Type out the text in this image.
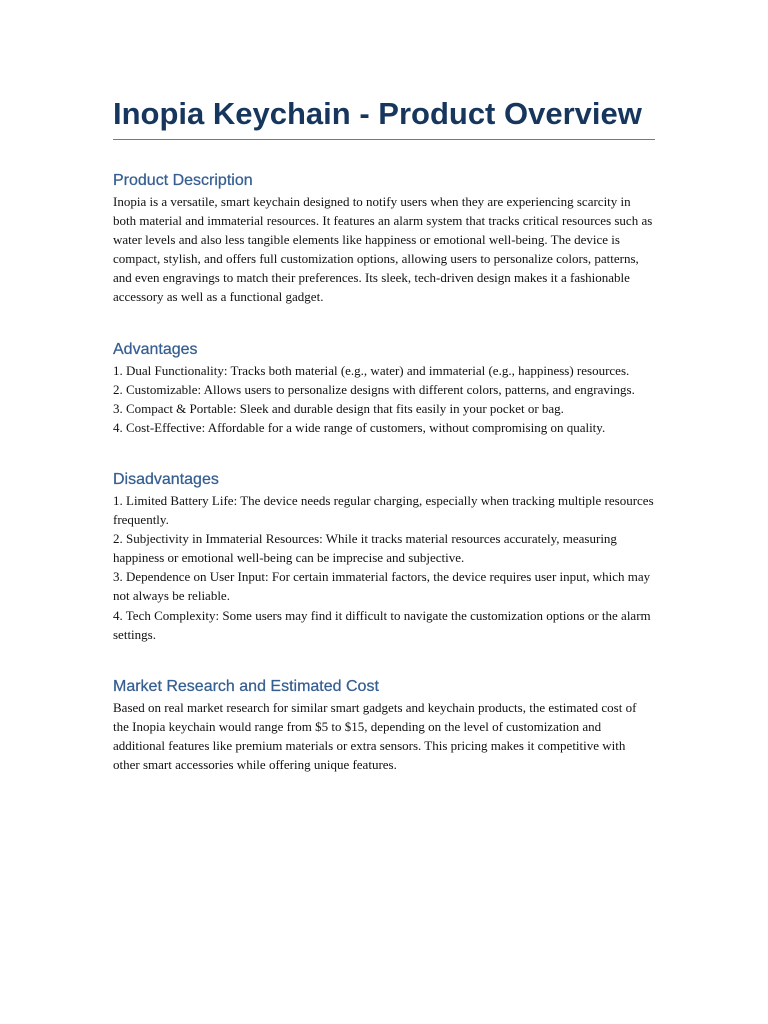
Inopia Keychain - Product Overview
Product Description

Inopia is a versatile, smart keychain designed to notify users when they are experiencing scarcity in both material and immaterial resources. It features an alarm system that tracks critical resources such as water levels and also less tangible elements like happiness or emotional well-being. The device is compact, stylish, and offers full customization options, allowing users to personalize colors, patterns, and even engravings to match their preferences. Its sleek, tech-driven design makes it a fashionable accessory as well as a functional gadget.

Advantages

1. Dual Functionality: Tracks both material (e.g., water) and immaterial (e.g., happiness) resources.

2. Customizable: Allows users to personalize designs with different colors, patterns, and engravings.

3. Compact & Portable: Sleek and durable design that fits easily in your pocket or bag.

4. Cost-Effective: Affordable for a wide range of customers, without compromising on quality.

Disadvantages

1. Limited Battery Life: The device needs regular charging, especially when tracking multiple resources frequently.

2. Subjectivity in Immaterial Resources: While it tracks material resources accurately, measuring happiness or emotional well-being can be imprecise and subjective.

3. Dependence on User Input: For certain immaterial factors, the device requires user input, which may not always be reliable.

4. Tech Complexity: Some users may find it difficult to navigate the customization options or the alarm settings.

Market Research and Estimated Cost

Based on real market research for similar smart gadgets and keychain products, the estimated cost of the Inopia keychain would range from $5 to $15, depending on the level of customization and additional features like premium materials or extra sensors. This pricing makes it competitive with other smart accessories while offering unique features.
